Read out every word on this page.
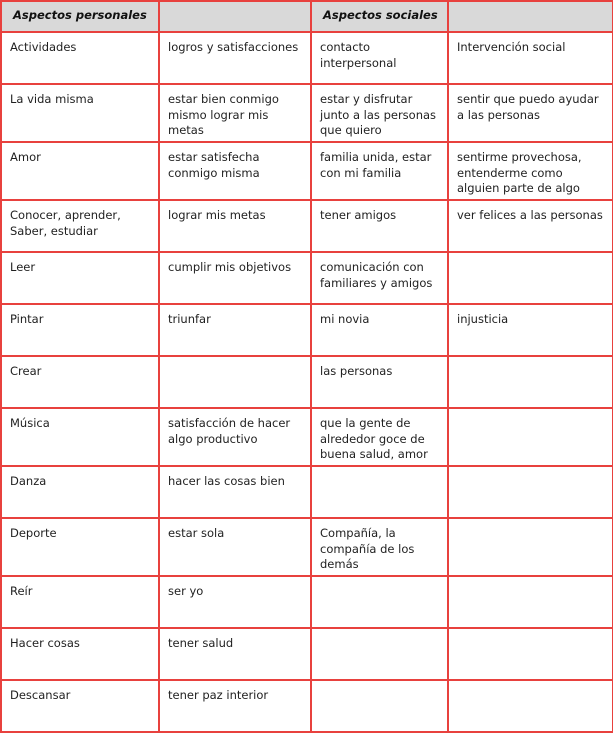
Aspectos personales		Aspectos sociales	
Actividades	logros y satisfacciones	contacto interpersonal	Intervención social
La vida misma	estar bien conmigo mismo lograr mis metas	estar y disfrutar junto a las personas que quiero	sentir que puedo ayudar a las personas
Amor	estar satisfecha conmigo misma	familia unida, estar con mi familia	sentirme provechosa, entenderme como alguien parte de algo
Conocer, aprender, Saber, estudiar	lograr mis metas	tener amigos	ver felices a las personas
Leer	cumplir mis objetivos	comunicación con familiares y amigos	
Pintar	triunfar	mi novia	injusticia
Crear		las personas	
Música	satisfacción de hacer algo productivo	que la gente de alrededor goce de buena salud, amor	
Danza	hacer las cosas bien		
Deporte	estar sola	Compañía, la compañía de los demás	
Reír	ser yo		
Hacer cosas	tener salud		
Descansar	tener paz interior		
